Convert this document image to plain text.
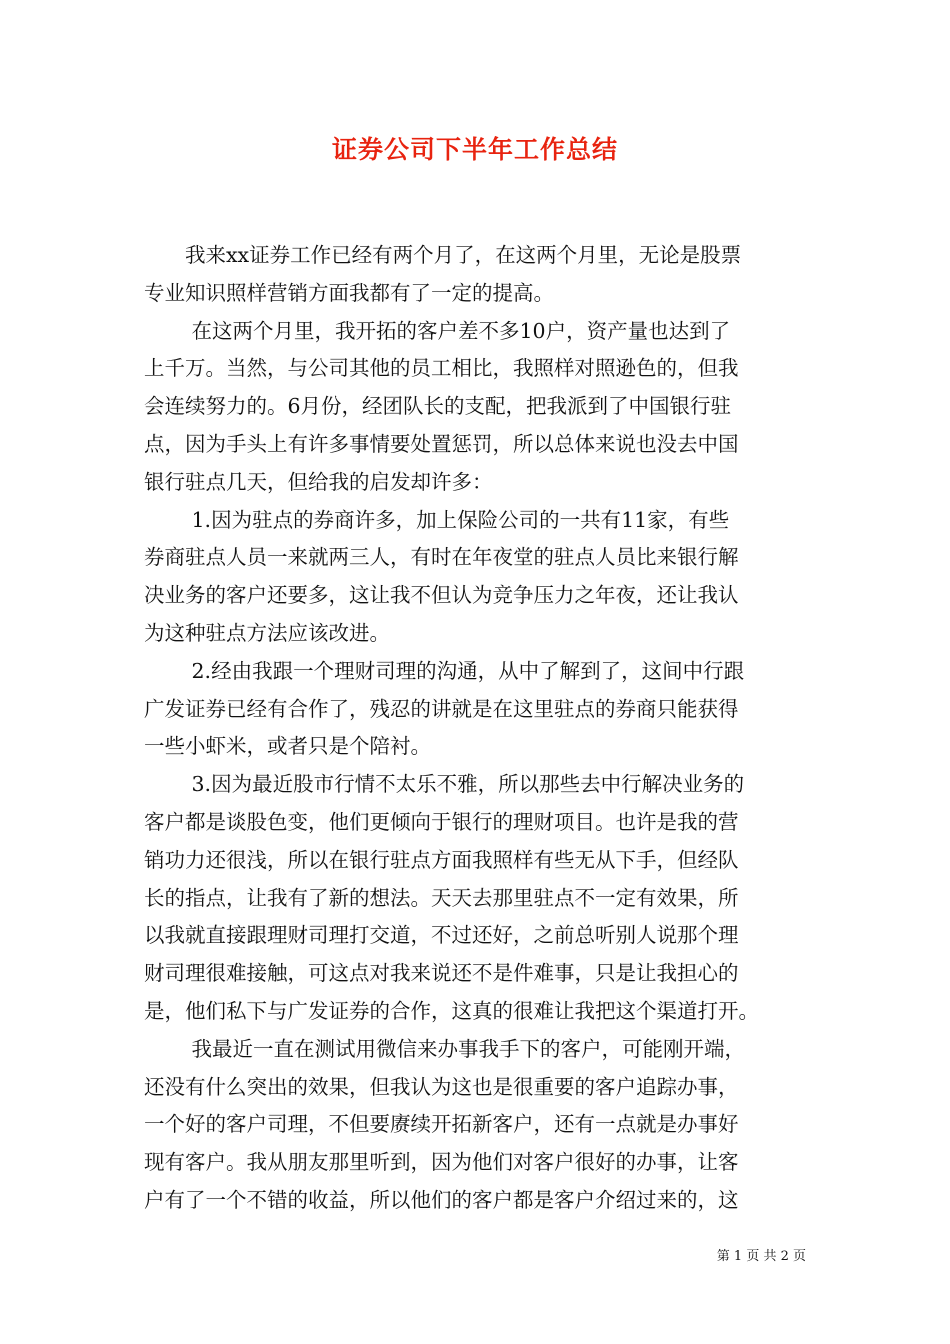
证券公司下半年工作总结
　　我来xx证券工作已经有两个月了，在这两个月里，无论是股票
专业知识照样营销方面我都有了一定的提高。
　　 在这两个月里，我开拓的客户差不多10户，资产量也达到了
上千万。当然，与公司其他的员工相比，我照样对照逊色的，但我
会连续努力的。6月份，经团队长的支配，把我派到了中国银行驻
点，因为手头上有许多事情要处置惩罚，所以总体来说也没去中国
银行驻点几天，但给我的启发却许多：
　　 1.因为驻点的券商许多，加上保险公司的一共有11家，有些
券商驻点人员一来就两三人，有时在年夜堂的驻点人员比来银行解
决业务的客户还要多，这让我不但认为竞争压力之年夜，还让我认
为这种驻点方法应该改进。
　　 2.经由我跟一个理财司理的沟通，从中了解到了，这间中行跟
广发证券已经有合作了，残忍的讲就是在这里驻点的券商只能获得
一些小虾米，或者只是个陪衬。
　　 3.因为最近股市行情不太乐不雅，所以那些去中行解决业务的
客户都是谈股色变，他们更倾向于银行的理财项目。也许是我的营
销功力还很浅，所以在银行驻点方面我照样有些无从下手，但经队
长的指点，让我有了新的想法。天天去那里驻点不一定有效果，所
以我就直接跟理财司理打交道，不过还好，之前总听别人说那个理
财司理很难接触，可这点对我来说还不是件难事，只是让我担心的
是，他们私下与广发证券的合作，这真的很难让我把这个渠道打开。
　　 我最近一直在测试用微信来办事我手下的客户，可能刚开端，
还没有什么突出的效果，但我认为这也是很重要的客户追踪办事，
一个好的客户司理，不但要赓续开拓新客户，还有一点就是办事好
现有客户。我从朋友那里听到，因为他们对客户很好的办事，让客
户有了一个不错的收益，所以他们的客户都是客户介绍过来的，这
第 1 页 共 2 页
